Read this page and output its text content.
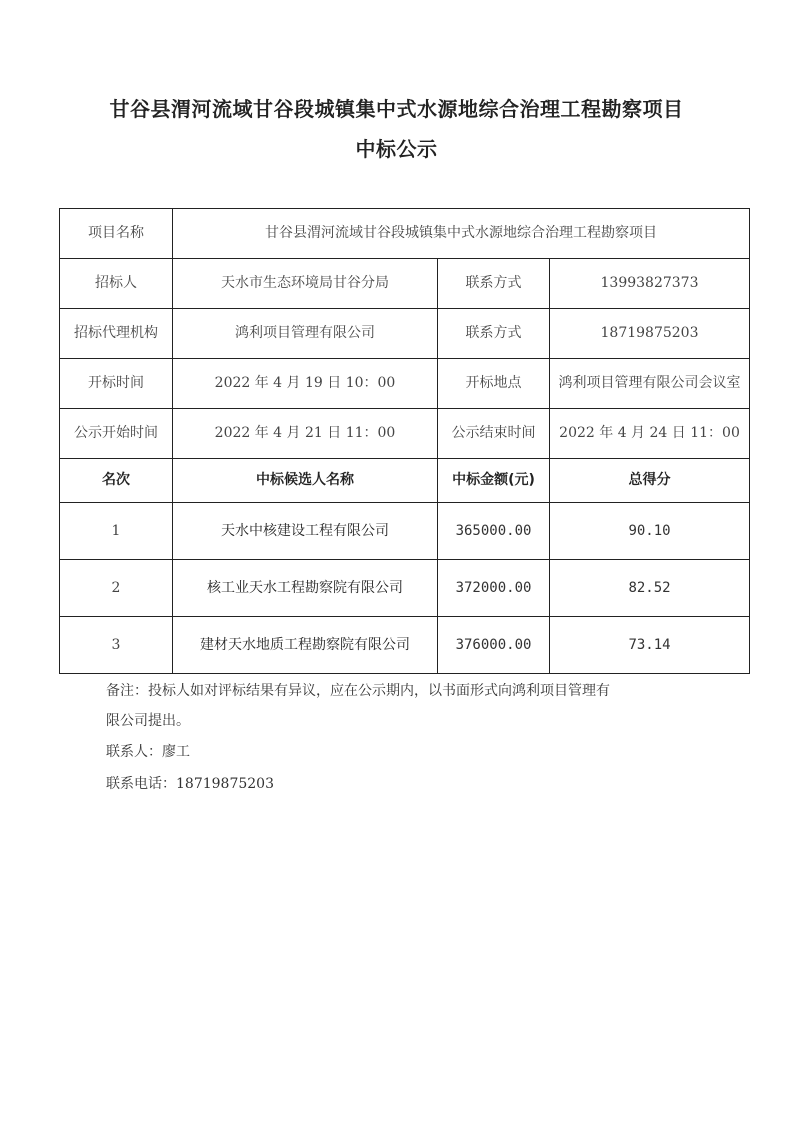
甘谷县渭河流域甘谷段城镇集中式水源地综合治理工程勘察项目
中标公示
项目名称	甘谷县渭河流域甘谷段城镇集中式水源地综合治理工程勘察项目		
招标人	天水市生态环境局甘谷分局	联系方式	13993827373
招标代理机构	鸿利项目管理有限公司	联系方式	18719875203
开标时间	2022 年 4 月 19 日 10：00	开标地点	鸿利项目管理有限公司会议室
公示开始时间	2022 年 4 月 21 日 11：00	公示结束时间	2022 年 4 月 24 日 11：00
名次	中标候选人名称	中标金额(元)	总得分
1	天水中核建设工程有限公司	365000.00	90.10
2	核工业天水工程勘察院有限公司	372000.00	82.52
3	建材天水地质工程勘察院有限公司	376000.00	73.14
备注：投标人如对评标结果有异议，应在公示期内，以书面形式向鸿利项目管理有
限公司提出。
联系人：廖工
联系电话：18719875203
